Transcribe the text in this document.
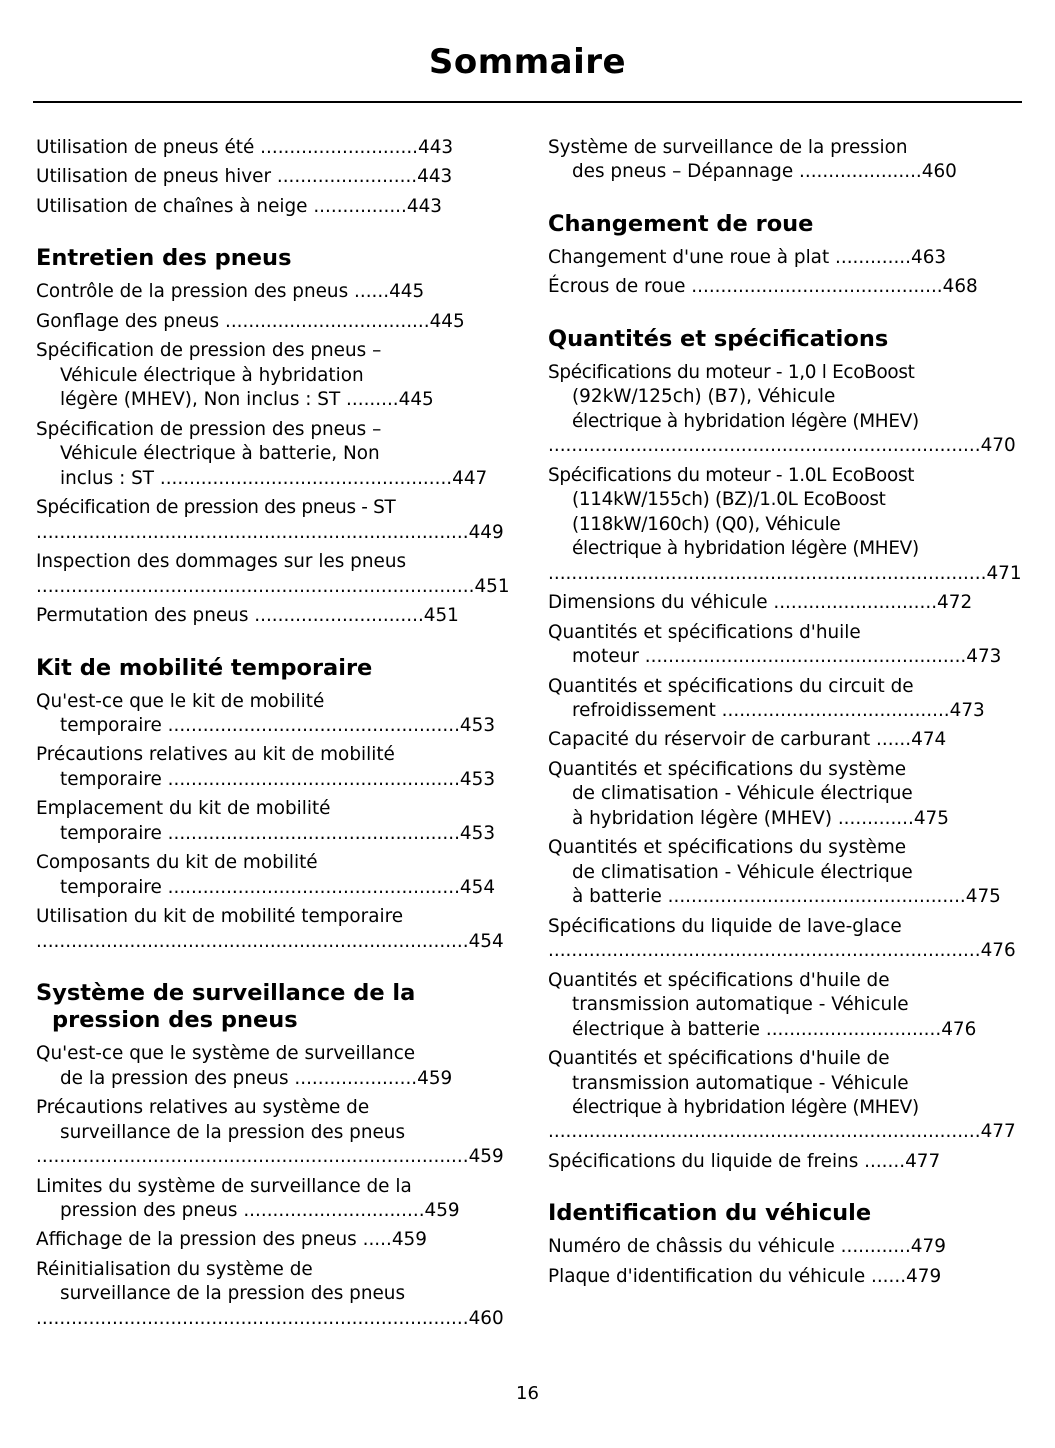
Sommaire

Utilisation de pneus été ...........................443

Utilisation de pneus hiver ........................443

Utilisation de chaînes à neige ................443

Entretien des pneus

Contrôle de la pression des pneus ......445

Gonflage des pneus ...................................445

Spécification de pression des pneus –
Véhicule électrique à hybridation
légère (MHEV), Non inclus : ST .........445

Spécification de pression des pneus –
Véhicule électrique à batterie, Non
inclus : ST ..................................................447

Spécification de pression des pneus - ST
..........................................................................449

Inspection des dommages sur les pneus
...........................................................................451

Permutation des pneus .............................451

Kit de mobilité temporaire

Qu'est-ce que le kit de mobilité
temporaire ..................................................453

Précautions relatives au kit de mobilité
temporaire ..................................................453

Emplacement du kit de mobilité
temporaire ..................................................453

Composants du kit de mobilité
temporaire ..................................................454

Utilisation du kit de mobilité temporaire
..........................................................................454

Système de surveillance de la
pression des pneus

Qu'est-ce que le système de surveillance
de la pression des pneus .....................459

Précautions relatives au système de
surveillance de la pression des pneus
..........................................................................459

Limites du système de surveillance de la
pression des pneus ...............................459

Affichage de la pression des pneus .....459

Réinitialisation du système de
surveillance de la pression des pneus
..........................................................................460

Système de surveillance de la pression
des pneus – Dépannage .....................460

Changement de roue

Changement d'une roue à plat .............463

Écrous de roue ...........................................468

Quantités et spécifications

Spécifications du moteur - 1,0 l EcoBoost
(92kW/125ch) (B7), Véhicule
électrique à hybridation légère (MHEV)
..........................................................................470

Spécifications du moteur - 1.0L EcoBoost
(114kW/155ch) (BZ)/1.0L EcoBoost
(118kW/160ch) (Q0), Véhicule
électrique à hybridation légère (MHEV)
...........................................................................471

Dimensions du véhicule ............................472

Quantités et spécifications d'huile
moteur .......................................................473

Quantités et spécifications du circuit de
refroidissement .......................................473

Capacité du réservoir de carburant ......474

Quantités et spécifications du système
de climatisation - Véhicule électrique
à hybridation légère (MHEV) .............475

Quantités et spécifications du système
de climatisation - Véhicule électrique
à batterie ...................................................475

Spécifications du liquide de lave-glace
..........................................................................476

Quantités et spécifications d'huile de
transmission automatique - Véhicule
électrique à batterie ..............................476

Quantités et spécifications d'huile de
transmission automatique - Véhicule
électrique à hybridation légère (MHEV)
..........................................................................477

Spécifications du liquide de freins .......477

Identification du véhicule

Numéro de châssis du véhicule ............479

Plaque d'identification du véhicule ......479

16
